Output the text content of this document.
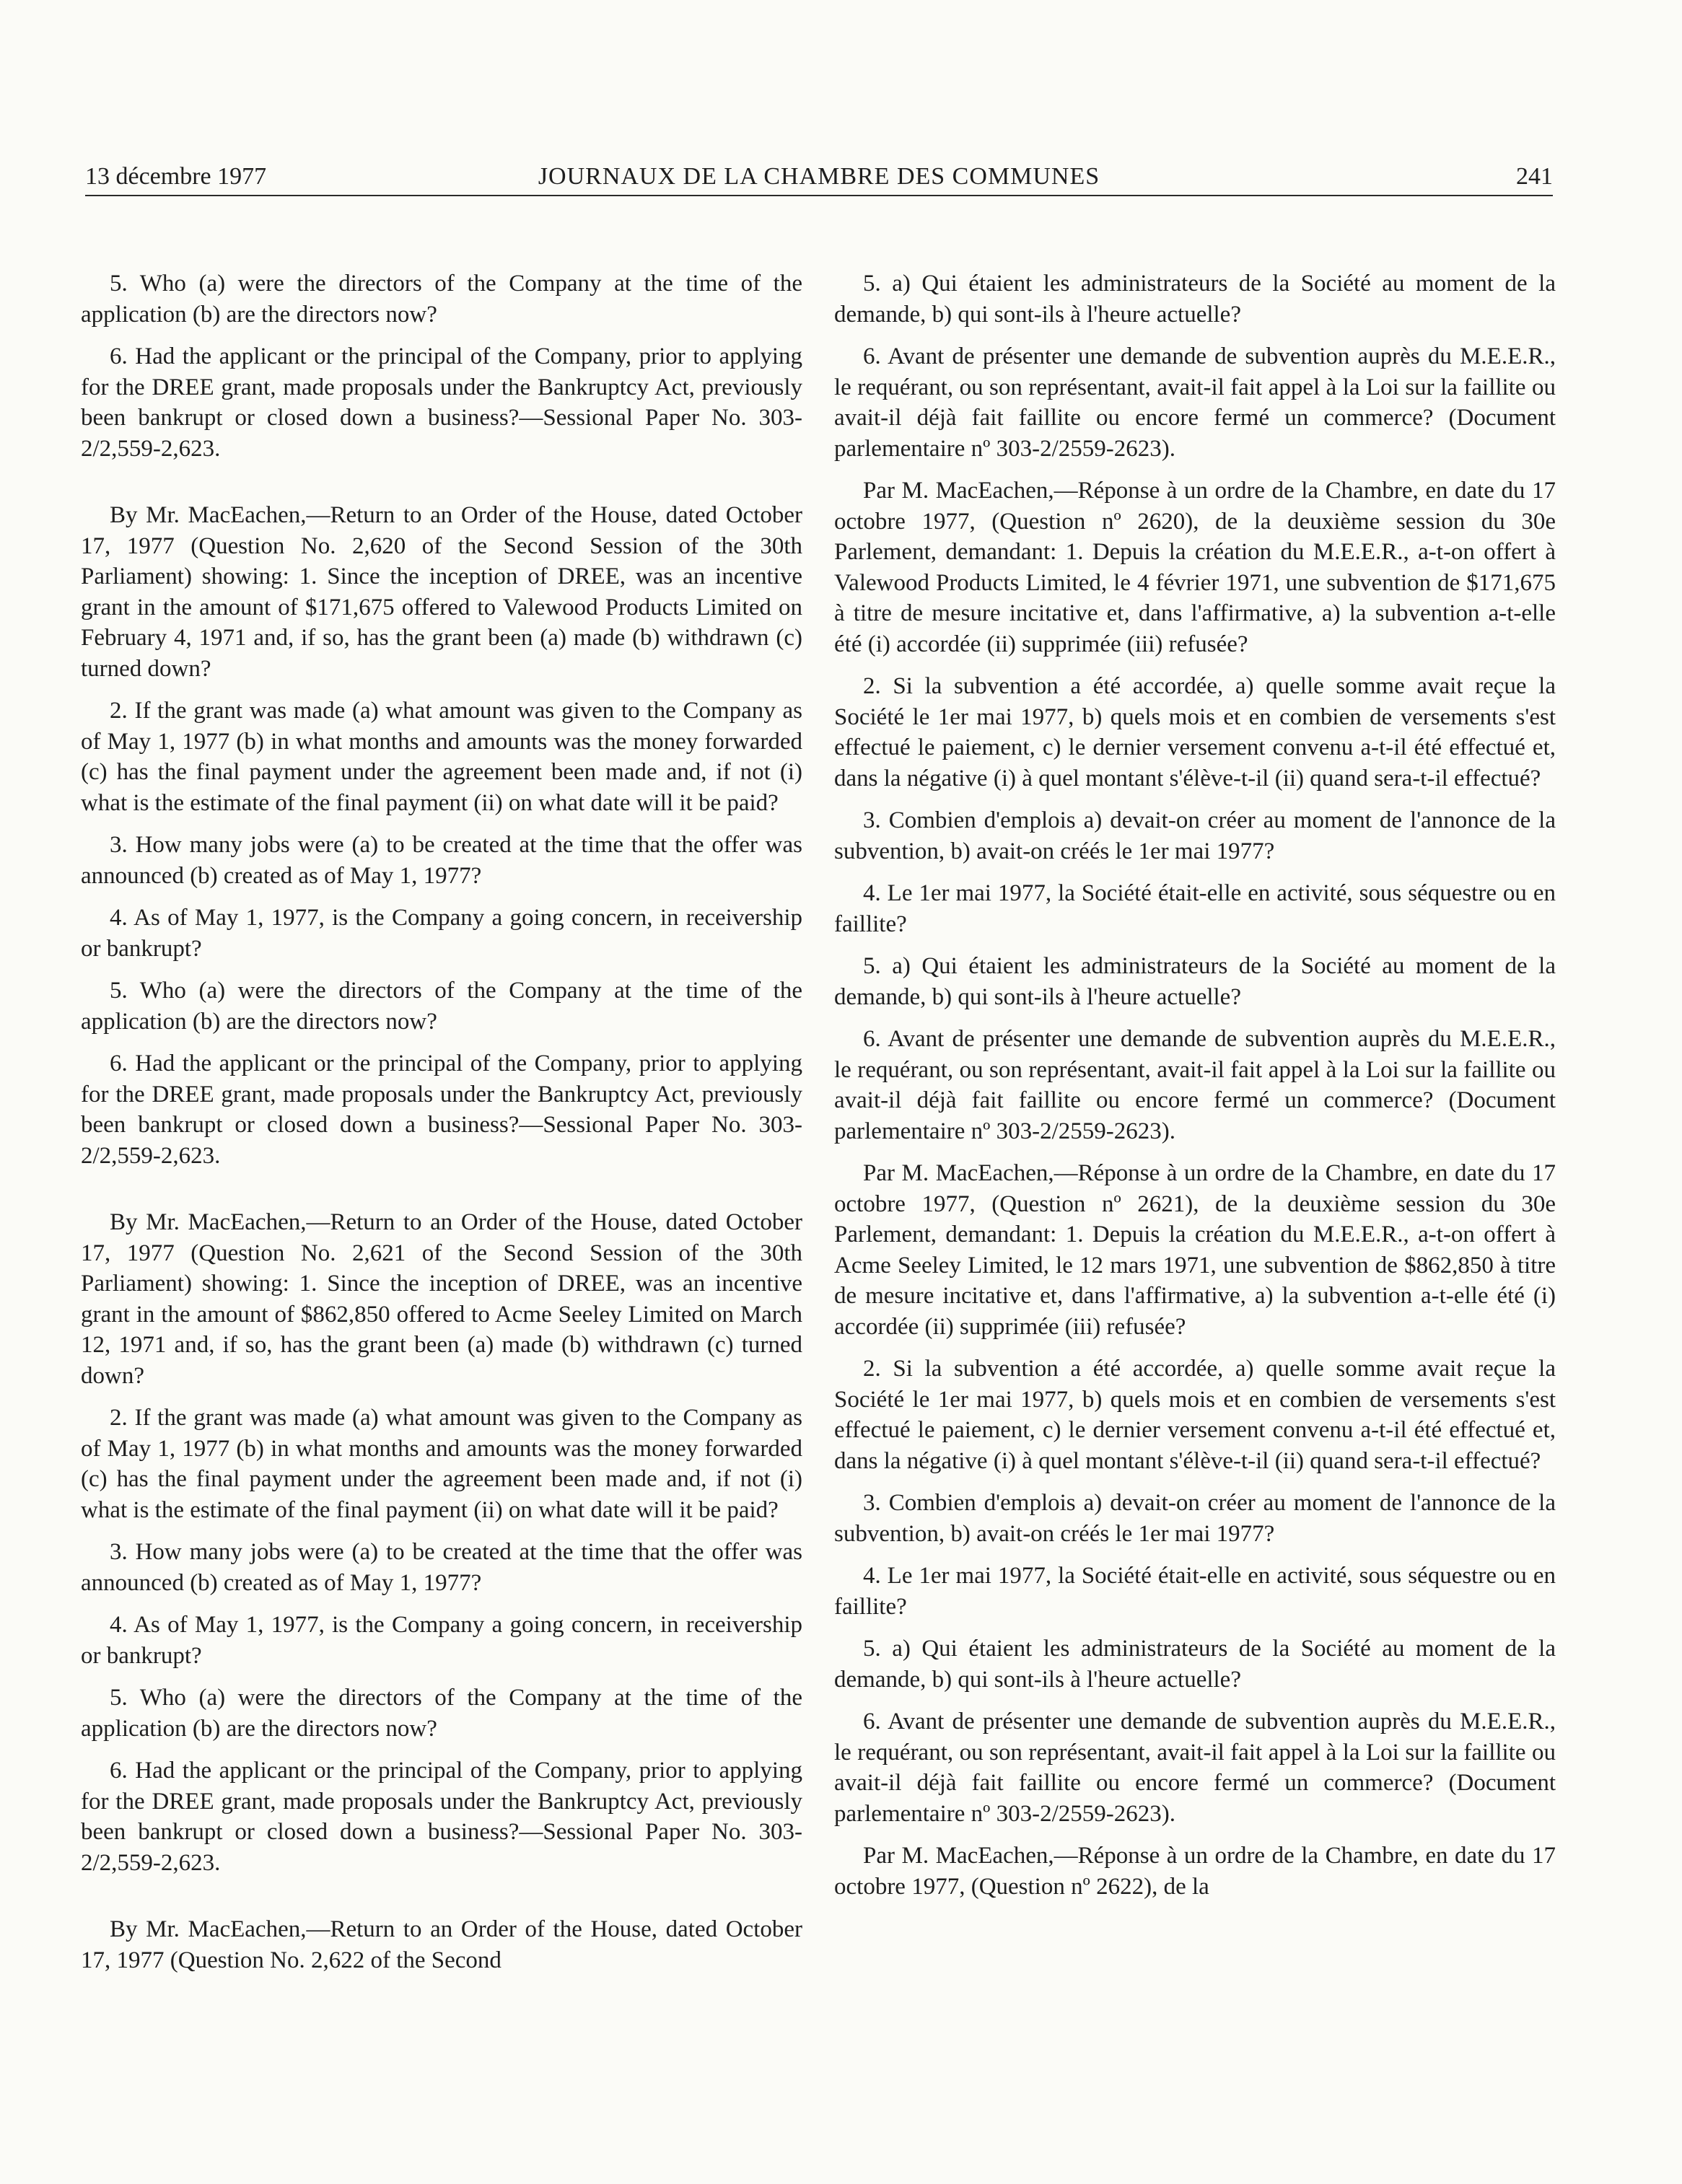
13 décembre 1977	JOURNAUX DE LA CHAMBRE DES COMMUNES	241

5. Who (a) were the directors of the Company at the time of the application (b) are the directors now?

6. Had the applicant or the principal of the Company, prior to applying for the DREE grant, made proposals under the Bankruptcy Act, previously been bankrupt or closed down a business?—Sessional Paper No. 303-2/2,559-2,623.

By Mr. MacEachen,—Return to an Order of the House, dated October 17, 1977 (Question No. 2,620 of the Second Session of the 30th Parliament) showing: 1. Since the inception of DREE, was an incentive grant in the amount of $171,675 offered to Valewood Products Limited on February 4, 1971 and, if so, has the grant been (a) made (b) withdrawn (c) turned down?

2. If the grant was made (a) what amount was given to the Company as of May 1, 1977 (b) in what months and amounts was the money forwarded (c) has the final payment under the agreement been made and, if not (i) what is the estimate of the final payment (ii) on what date will it be paid?

3. How many jobs were (a) to be created at the time that the offer was announced (b) created as of May 1, 1977?

4. As of May 1, 1977, is the Company a going concern, in receivership or bankrupt?

5. Who (a) were the directors of the Company at the time of the application (b) are the directors now?

6. Had the applicant or the principal of the Company, prior to applying for the DREE grant, made proposals under the Bankruptcy Act, previously been bankrupt or closed down a business?—Sessional Paper No. 303-2/2,559-2,623.

By Mr. MacEachen,—Return to an Order of the House, dated October 17, 1977 (Question No. 2,621 of the Second Session of the 30th Parliament) showing: 1. Since the inception of DREE, was an incentive grant in the amount of $862,850 offered to Acme Seeley Limited on March 12, 1971 and, if so, has the grant been (a) made (b) withdrawn (c) turned down?

2. If the grant was made (a) what amount was given to the Company as of May 1, 1977 (b) in what months and amounts was the money forwarded (c) has the final payment under the agreement been made and, if not (i) what is the estimate of the final payment (ii) on what date will it be paid?

3. How many jobs were (a) to be created at the time that the offer was announced (b) created as of May 1, 1977?

4. As of May 1, 1977, is the Company a going concern, in receivership or bankrupt?

5. Who (a) were the directors of the Company at the time of the application (b) are the directors now?

6. Had the applicant or the principal of the Company, prior to applying for the DREE grant, made proposals under the Bankruptcy Act, previously been bankrupt or closed down a business?—Sessional Paper No. 303-2/2,559-2,623.

By Mr. MacEachen,—Return to an Order of the House, dated October 17, 1977 (Question No. 2,622 of the Second

5. a) Qui étaient les administrateurs de la Société au moment de la demande, b) qui sont-ils à l'heure actuelle?

6. Avant de présenter une demande de subvention auprès du M.E.E.R., le requérant, ou son représentant, avait-il fait appel à la Loi sur la faillite ou avait-il déjà fait faillite ou encore fermé un commerce? (Document parlementaire nº 303-2/2559-2623).

Par M. MacEachen,—Réponse à un ordre de la Chambre, en date du 17 octobre 1977, (Question nº 2620), de la deuxième session du 30e Parlement, demandant: 1. Depuis la création du M.E.E.R., a-t-on offert à Valewood Products Limited, le 4 février 1971, une subvention de $171,675 à titre de mesure incitative et, dans l'affirmative, a) la subvention a-t-elle été (i) accordée (ii) supprimée (iii) refusée?

2. Si la subvention a été accordée, a) quelle somme avait reçue la Société le 1er mai 1977, b) quels mois et en combien de versements s'est effectué le paiement, c) le dernier versement convenu a-t-il été effectué et, dans la négative (i) à quel montant s'élève-t-il (ii) quand sera-t-il effectué?

3. Combien d'emplois a) devait-on créer au moment de l'annonce de la subvention, b) avait-on créés le 1er mai 1977?

4. Le 1er mai 1977, la Société était-elle en activité, sous séquestre ou en faillite?

5. a) Qui étaient les administrateurs de la Société au moment de la demande, b) qui sont-ils à l'heure actuelle?

6. Avant de présenter une demande de subvention auprès du M.E.E.R., le requérant, ou son représentant, avait-il fait appel à la Loi sur la faillite ou avait-il déjà fait faillite ou encore fermé un commerce? (Document parlementaire nº 303-2/2559-2623).

Par M. MacEachen,—Réponse à un ordre de la Chambre, en date du 17 octobre 1977, (Question nº 2621), de la deuxième session du 30e Parlement, demandant: 1. Depuis la création du M.E.E.R., a-t-on offert à Acme Seeley Limited, le 12 mars 1971, une subvention de $862,850 à titre de mesure incitative et, dans l'affirmative, a) la subvention a-t-elle été (i) accordée (ii) supprimée (iii) refusée?

2. Si la subvention a été accordée, a) quelle somme avait reçue la Société le 1er mai 1977, b) quels mois et en combien de versements s'est effectué le paiement, c) le dernier versement convenu a-t-il été effectué et, dans la négative (i) à quel montant s'élève-t-il (ii) quand sera-t-il effectué?

3. Combien d'emplois a) devait-on créer au moment de l'annonce de la subvention, b) avait-on créés le 1er mai 1977?

4. Le 1er mai 1977, la Société était-elle en activité, sous séquestre ou en faillite?

5. a) Qui étaient les administrateurs de la Société au moment de la demande, b) qui sont-ils à l'heure actuelle?

6. Avant de présenter une demande de subvention auprès du M.E.E.R., le requérant, ou son représentant, avait-il fait appel à la Loi sur la faillite ou avait-il déjà fait faillite ou encore fermé un commerce? (Document parlementaire nº 303-2/2559-2623).

Par M. MacEachen,—Réponse à un ordre de la Chambre, en date du 17 octobre 1977, (Question nº 2622), de la
